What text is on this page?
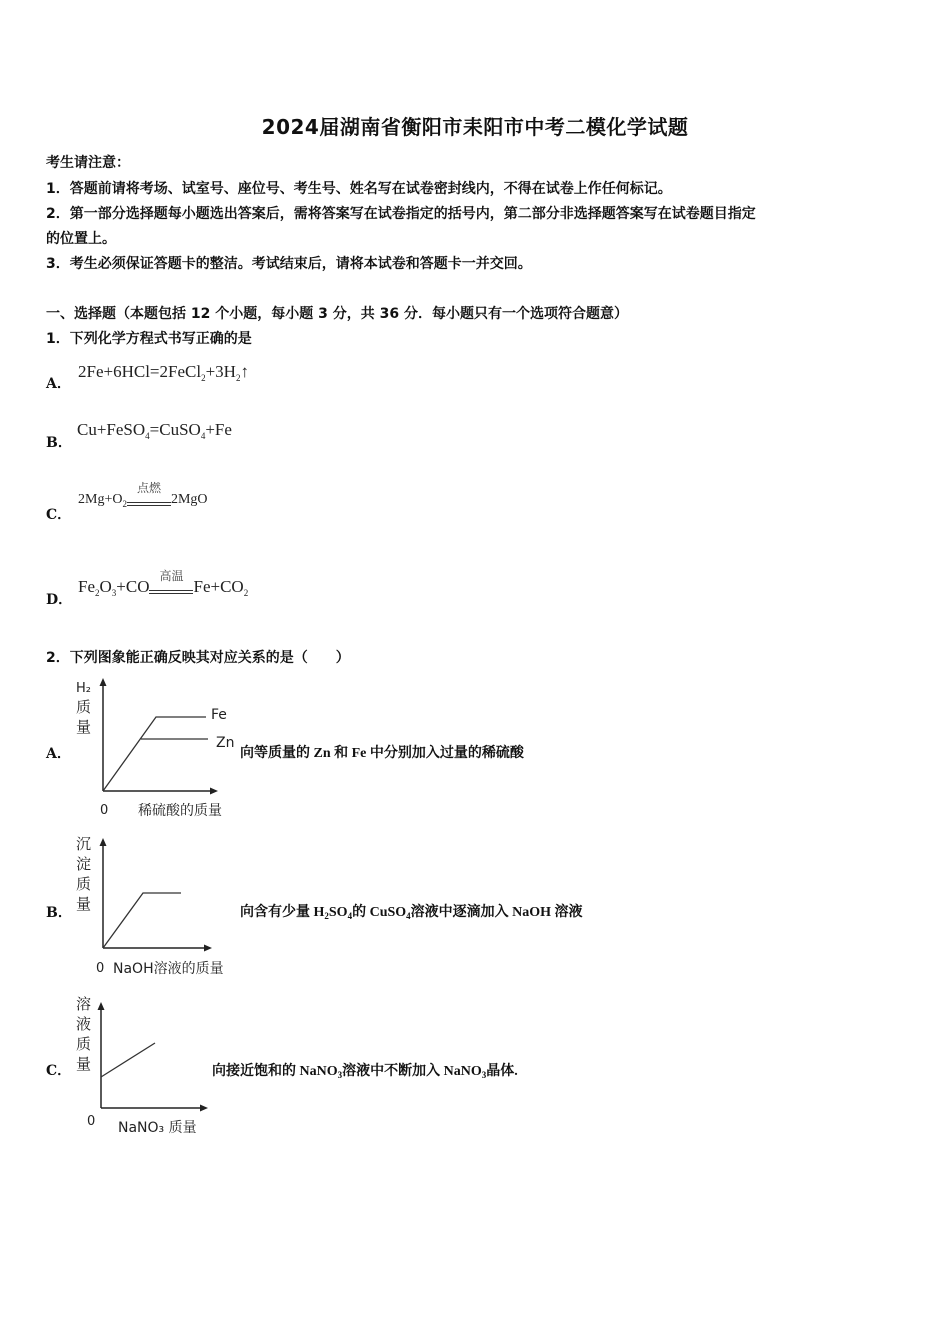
2024届湖南省衡阳市耒阳市中考二模化学试题
考生请注意：
1．答题前请将考场、试室号、座位号、考生号、姓名写在试卷密封线内，不得在试卷上作任何标记。
2．第一部分选择题每小题选出答案后，需将答案写在试卷指定的括号内，第二部分非选择题答案写在试卷题目指定
的位置上。
3．考生必须保证答题卡的整洁。考试结束后，请将本试卷和答题卡一并交回。
一、选择题（本题包括 12 个小题，每小题 3 分，共 36 分．每小题只有一个选项符合题意）
1．下列化学方程式书写正确的是
A．
$2Fe+6HCl=2FeCl_2+3H_2↑$
B．
Cu+FeSO$_4$=CuSO$_4$+Fe
C．
$2Mg+O_2$
点燃
2MgO
D．
$Fe_2O_3+CO$
高温
$Fe+CO_2$
2．下列图象能正确反映其对应关系的是（　　）
A．
H₂
质
量
Fe
Zn
0 稀硫酸的质量
向等质量的 Zn 和 Fe 中分别加入过量的稀硫酸
B．
沉
淀
质
量
0 NaOH溶液的质量
向含有少量 $H_2SO_4$的 CuSO$_4$溶液中逐滴加入 NaOH 溶液
C．
溶
液
质
量
0 NaNO₃ 质量
向接近饱和的 NaNO$_3$溶液中不断加入 NaNO$_3$晶体.
